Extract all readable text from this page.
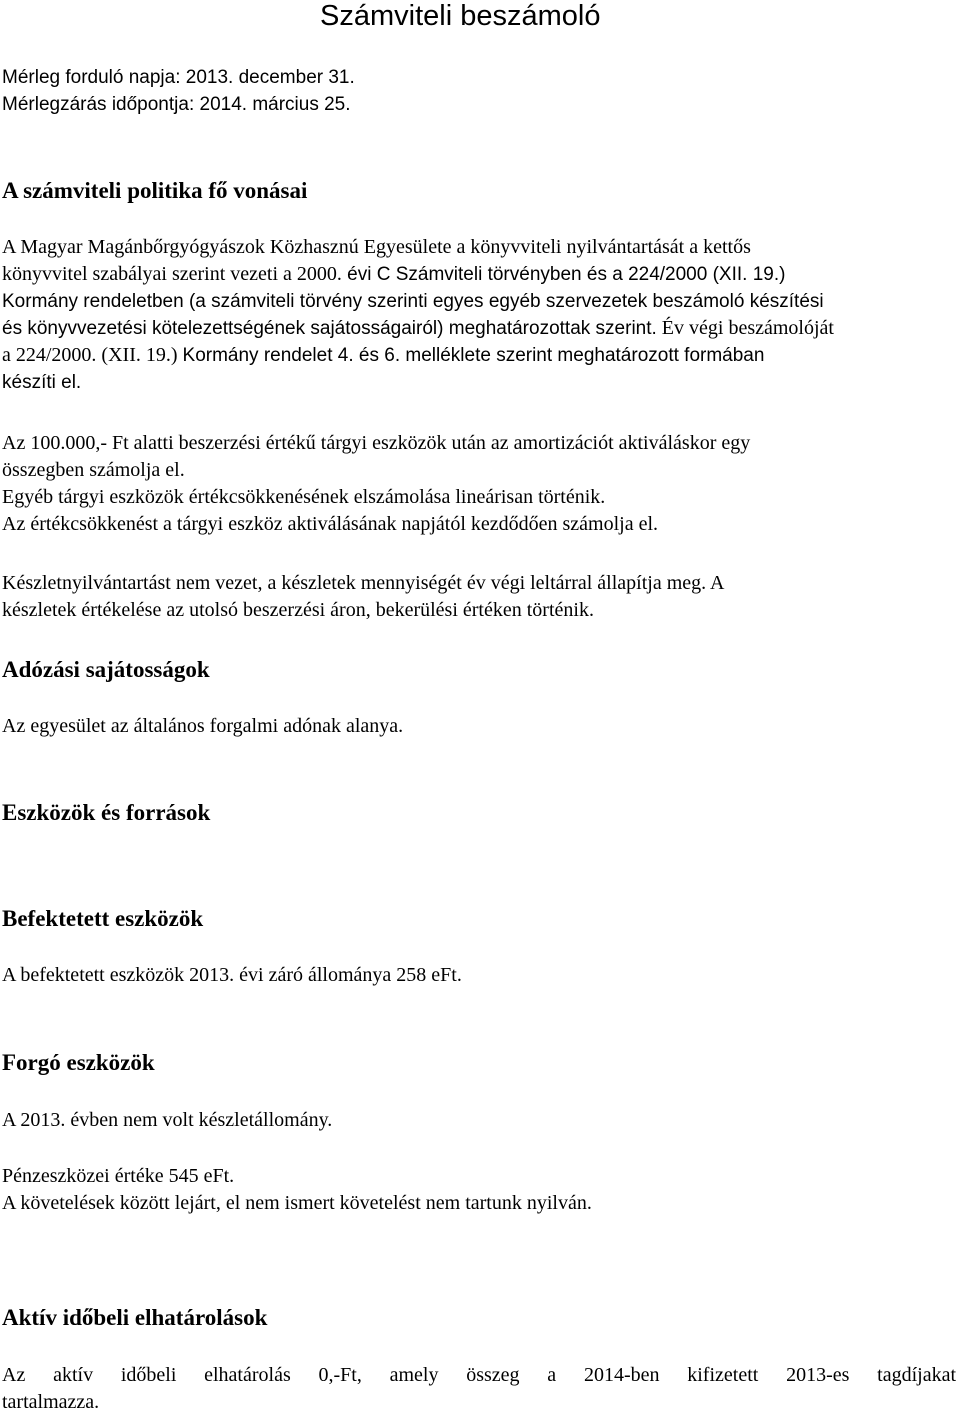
Számviteli beszámoló
Mérleg forduló napja: 2013. december 31.
Mérlegzárás időpontja: 2014. március 25.
A számviteli politika fő vonásai
A Magyar Magánbőrgyógyászok Közhasznú Egyesülete a könyvviteli nyilvántartását a kettős
könyvvitel szabályai szerint vezeti a 2000. évi C Számviteli törvényben és a 224/2000 (XII. 19.)
Kormány rendeletben (a számviteli törvény szerinti egyes egyéb szervezetek beszámoló készítési
és könyvvezetési kötelezettségének sajátosságairól) meghatározottak szerint. Év végi beszámolóját
a 224/2000. (XII. 19.) Kormány rendelet 4. és 6. melléklete szerint meghatározott formában
készíti el.
Az 100.000,- Ft alatti beszerzési értékű tárgyi eszközök után az amortizációt aktiváláskor egy
összegben számolja el.
Egyéb tárgyi eszközök értékcsökkenésének elszámolása lineárisan történik.
Az értékcsökkenést a tárgyi eszköz aktiválásának napjától kezdődően számolja el.
Készletnyilvántartást nem vezet, a készletek mennyiségét év végi leltárral állapítja meg. A
készletek értékelése az utolsó beszerzési áron, bekerülési értéken történik.
Adózási sajátosságok
Az egyesület az általános forgalmi adónak alanya.
Eszközök és források
Befektetett eszközök
A befektetett eszközök 2013. évi záró állománya 258 eFt.
Forgó eszközök
A 2013. évben nem volt készletállomány.
Pénzeszközei értéke 545 eFt.
A követelések között lejárt, el nem ismert követelést nem tartunk nyilván.
Aktív időbeli elhatárolások
Az aktív időbeli elhatárolás 0,-Ft, amely összeg a 2014-ben kifizetett 2013-es tagdíjakat
tartalmazza.
